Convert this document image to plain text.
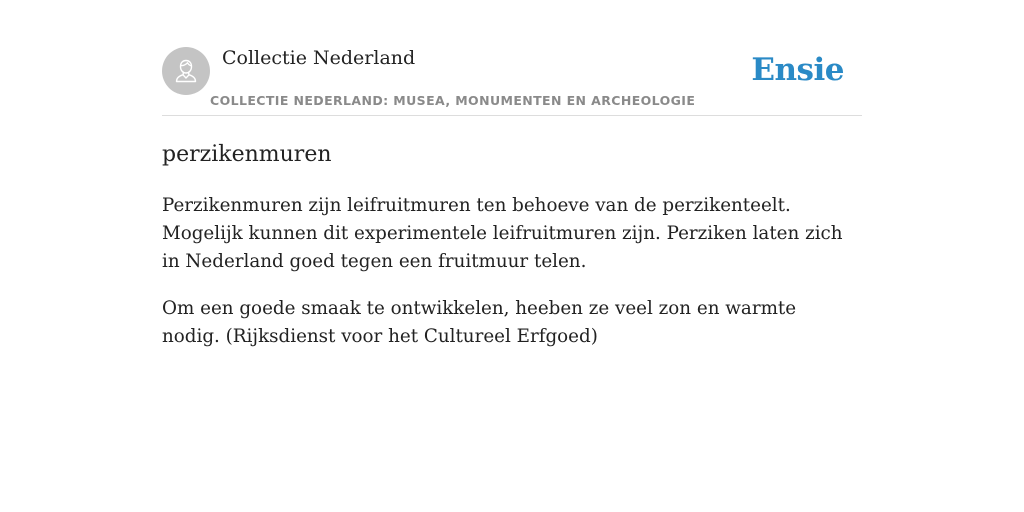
Collectie Nederland
COLLECTIE NEDERLAND: MUSEA, MONUMENTEN EN ARCHEOLOGIE
Ensie
perzikenmuren

Perzikenmuren zijn leifruitmuren ten behoeve van de perzikenteelt. Mogelijk kunnen dit experimentele leifruitmuren zijn. Perziken laten zich in Nederland goed tegen een fruitmuur telen.

Om een goede smaak te ontwikkelen, heeben ze veel zon en warmte nodig. (Rijksdienst voor het Cultureel Erfgoed)
